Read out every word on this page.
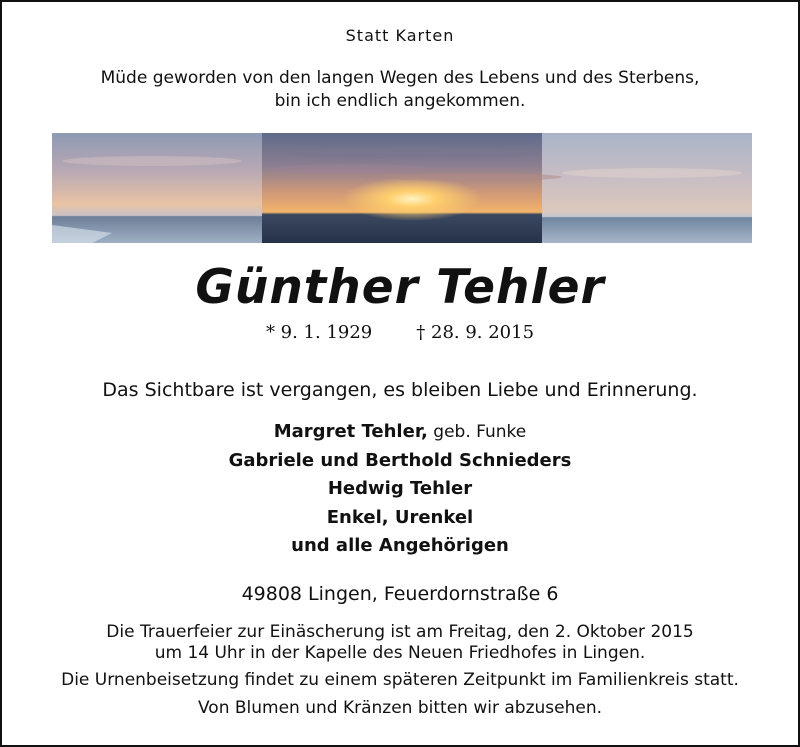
Statt Karten
Müde geworden von den langen Wegen des Lebens und des Sterbens,
bin ich endlich angekommen.
Günther Tehler
* 9. 1. 1929 † 28. 9. 2015
Das Sichtbare ist vergangen, es bleiben Liebe und Erinnerung.
Margret Tehler, geb. Funke
Gabriele und Berthold Schnieders
Hedwig Tehler
Enkel, Urenkel
und alle Angehörigen
49808 Lingen, Feuerdornstraße 6
Die Trauerfeier zur Einäscherung ist am Freitag, den 2. Oktober 2015
um 14 Uhr in der Kapelle des Neuen Friedhofes in Lingen.
Die Urnenbeisetzung findet zu einem späteren Zeitpunkt im Familienkreis statt.
Von Blumen und Kränzen bitten wir abzusehen.
